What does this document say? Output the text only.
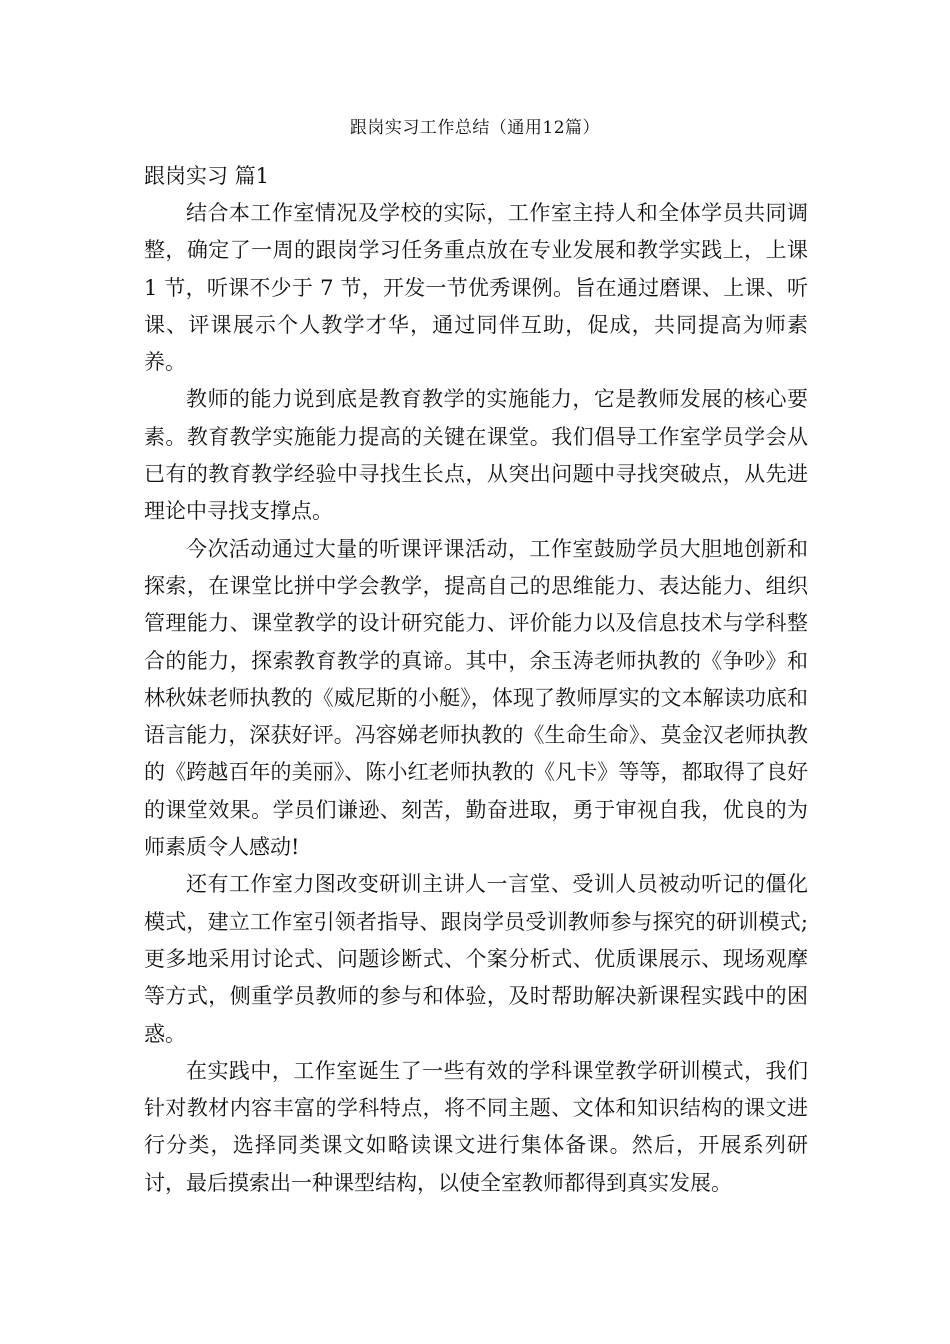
跟岗实习工作总结（通用12篇）
跟岗实习 篇1

结合本工作室情况及学校的实际，工作室主持人和全体学员共同调整，确定了一周的跟岗学习任务重点放在专业发展和教学实践上，上课 1 节，听课不少于 7 节，开发一节优秀课例。旨在通过磨课、上课、听课、评课展示个人教学才华，通过同伴互助，促成，共同提高为师素养。

教师的能力说到底是教育教学的实施能力，它是教师发展的核心要素。教育教学实施能力提高的关键在课堂。我们倡导工作室学员学会从已有的教育教学经验中寻找生长点，从突出问题中寻找突破点，从先进理论中寻找支撑点。

今次活动通过大量的听课评课活动，工作室鼓励学员大胆地创新和探索，在课堂比拼中学会教学，提高自己的思维能力、表达能力、组织管理能力、课堂教学的设计研究能力、评价能力以及信息技术与学科整合的能力，探索教育教学的真谛。其中，余玉涛老师执教的《争吵》和林秋妹老师执教的《威尼斯的小艇》，体现了教师厚实的文本解读功底和语言能力，深获好评。冯容娣老师执教的《生命生命》、莫金汉老师执教的《跨越百年的美丽》、陈小红老师执教的《凡卡》等等，都取得了良好的课堂效果。学员们谦逊、刻苦，勤奋进取，勇于审视自我，优良的为师素质令人感动!

还有工作室力图改变研训主讲人一言堂、受训人员被动听记的僵化模式，建立工作室引领者指导、跟岗学员受训教师参与探究的研训模式;更多地采用讨论式、问题诊断式、个案分析式、优质课展示、现场观摩等方式，侧重学员教师的参与和体验，及时帮助解决新课程实践中的困惑。

在实践中，工作室诞生了一些有效的学科课堂教学研训模式，我们针对教材内容丰富的学科特点，将不同主题、文体和知识结构的课文进行分类，选择同类课文如略读课文进行集体备课。然后，开展系列研讨，最后摸索出一种课型结构，以使全室教师都得到真实发展。
